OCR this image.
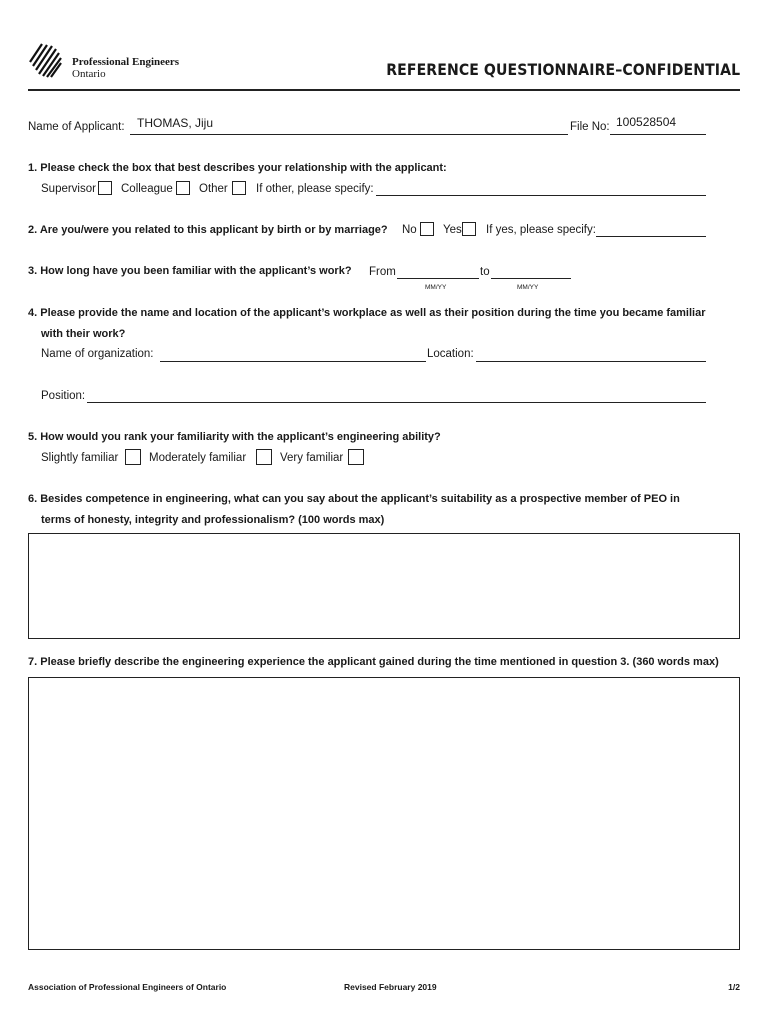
Professional Engineers
Ontario	REFERENCE QUESTIONNAIRE–CONFIDENTIAL
Name of Applicant: THOMAS, Jiju	File No: 100528504
1. Please check the box that best describes your relationship with the applicant:
Supervisor Colleague Other If other, please specify:
2. Are you/were you related to this applicant by birth or by marriage? No Yes If yes, please specify:
3. How long have you been familiar with the applicant’s work? From
MM/YY
to
MM/YY
4. Please provide the name and location of the applicant’s workplace as well as their position during the time you became familiar
with their work?
Name of organization:	Location:
Position:
5. How would you rank your familiarity with the applicant’s engineering ability?
Slightly familiar	Moderately familiar	Very familiar
6. Besides competence in engineering, what can you say about the applicant’s suitability as a prospective member of PEO in
terms of honesty, integrity and professionalism? (100 words max)
7. Please briefly describe the engineering experience the applicant gained during the time mentioned in question 3. (360 words max)
Association of Professional Engineers of Ontario	Revised February 2019	1/2
